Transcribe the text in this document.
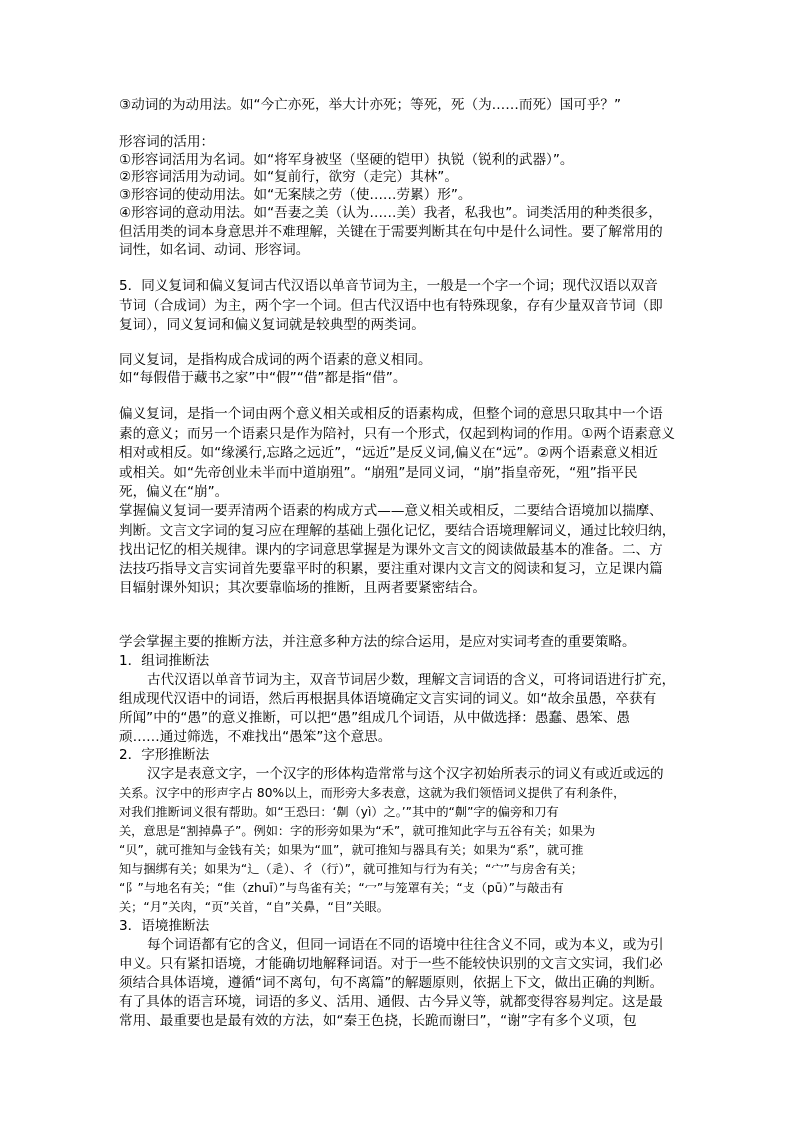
③动词的为动用法。如“今亡亦死，举大计亦死；等死，死（为……而死）国可乎？”
形容词的活用：
①形容词活用为名词。如“将军身被坚（坚硬的铠甲）执锐（锐利的武器）”。
②形容词活用为动词。如“复前行，欲穷（走完）其林”。
③形容词的使动用法。如“无案牍之劳（使……劳累）形”。
④形容词的意动用法。如“吾妻之美（认为……美）我者，私我也”。词类活用的种类很多，
但活用类的词本身意思并不难理解，关键在于需要判断其在句中是什么词性。要了解常用的
词性，如名词、动词、形容词。
5．同义复词和偏义复词古代汉语以单音节词为主，一般是一个字一个词；现代汉语以双音
节词（合成词）为主，两个字一个词。但古代汉语中也有特殊现象，存有少量双音节词（即
复词），同义复词和偏义复词就是较典型的两类词。
同义复词，是指构成合成词的两个语素的意义相同。
如“每假借于藏书之家”中“假”“借”都是指“借”。
偏义复词，是指一个词由两个意义相关或相反的语素构成，但整个词的意思只取其中一个语
素的意义；而另一个语素只是作为陪衬，只有一个形式，仅起到构词的作用。①两个语素意义
相对或相反。如“缘溪行,忘路之远近”，“远近”是反义词,偏义在“远”。②两个语素意义相近
或相关。如“先帝创业未半而中道崩殂”。“崩殂”是同义词，“崩”指皇帝死，“殂”指平民
死，偏义在“崩”。
掌握偏义复词一要弄清两个语素的构成方式——意义相关或相反，二要结合语境加以揣摩、
判断。文言文字词的复习应在理解的基础上强化记忆，要结合语境理解词义，通过比较归纳，
找出记忆的相关规律。课内的字词意思掌握是为课外文言文的阅读做最基本的准备。二、方
法技巧指导文言实词首先要靠平时的积累，要注重对课内文言文的阅读和复习，立足课内篇
目辐射课外知识；其次要靠临场的推断，且两者要紧密结合。
学会掌握主要的推断方法，并注意多种方法的综合运用，是应对实词考查的重要策略。
1．组词推断法
古代汉语以单音节词为主，双音节词居少数，理解文言词语的含义，可将词语进行扩充，
组成现代汉语中的词语，然后再根据具体语境确定文言实词的词义。如“故余虽愚，卒获有
所闻”中的“愚”的意义推断，可以把“愚”组成几个词语，从中做选择：愚蠢、愚笨、愚
顽……通过筛选，不难找出“愚笨”这个意思。
2．字形推断法
汉字是表意文字，一个汉字的形体构造常常与这个汉字初始所表示的词义有或近或远的
关系。汉字中的形声字占 80%以上，而形旁大多表意，这就为我们领悟词义提供了有利条件，
对我们推断词义很有帮助。如“王恐曰：‘劓（yì）之。’”其中的“劓”字的偏旁和刀有
关，意思是“割掉鼻子”。例如：字的形旁如果为“禾”，就可推知此字与五谷有关；如果为
“贝”，就可推知与金钱有关；如果为“皿”，就可推知与器具有关；如果为“系”，就可推
知与捆绑有关；如果为“辶（辵）、彳（行）”，就可推知与行为有关；“宀”与房舍有关；
“阝”与地名有关；“隹（zhuī）”与鸟雀有关；“冖”与笼罩有关；“攴（pū）”与敲击有
关；“月”关肉，“页”关首，“自”关鼻，“目”关眼。
3．语境推断法
每个词语都有它的含义，但同一词语在不同的语境中往往含义不同，或为本义，或为引
申义。只有紧扣语境，才能确切地解释词语。对于一些不能较快识别的文言文实词，我们必
须结合具体语境，遵循“词不离句，句不离篇”的解题原则，依据上下文，做出正确的判断。
有了具体的语言环境，词语的多义、活用、通假、古今异义等，就都变得容易判定。这是最
常用、最重要也是最有效的方法，如“秦王色挠，长跪而谢曰”，“谢”字有多个义项，包
